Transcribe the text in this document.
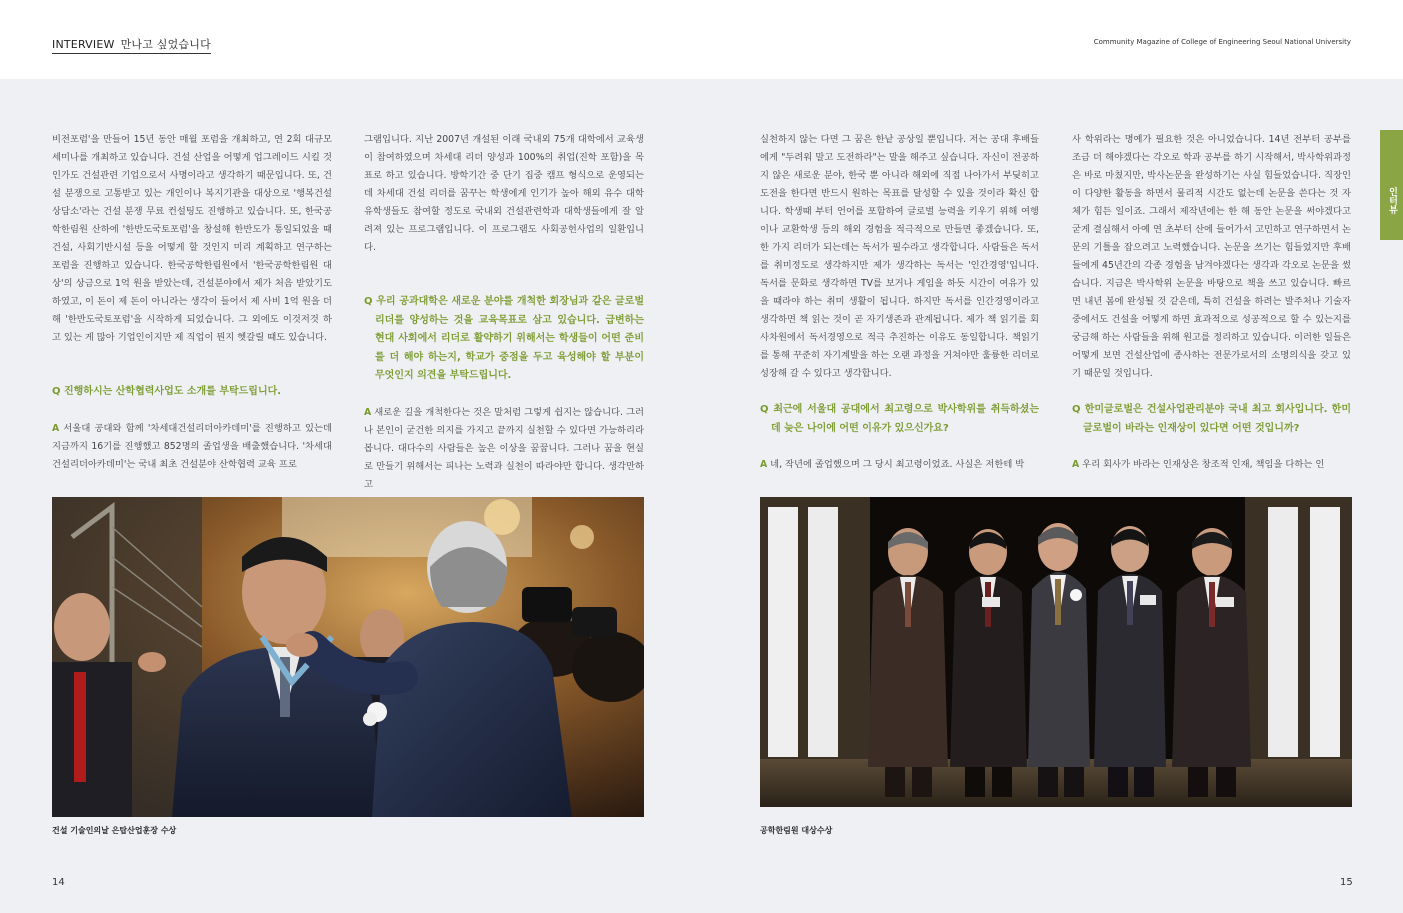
INTERVIEW 만나고 싶었습니다	Community Magazine of College of Engineering Seoul National University

비전포럼'을 만들어 15년 동안 매월 포럼을 개최하고, 연 2회 대규모 세미나를 개최하고 있습니다. 건설 산업을 어떻게 업그레이드 시킬 것인가도 건설관련 기업으로서 사명이라고 생각하기 때문입니다. 또, 건설 분쟁으로 고통받고 있는 개인이나 복지기관을 대상으로 '행복건설상담소'라는 건설 분쟁 무료 컨설팅도 진행하고 있습니다. 또, 한국공학한림원 산하에 '한반도국토포럼'을 창설해 한반도가 통일되었을 때 건설, 사회기반시설 등을 어떻게 할 것인지 미리 계획하고 연구하는 포럼을 진행하고 있습니다. 한국공학한림원에서 '한국공학한림원 대상'의 상금으로 1억 원을 받았는데, 건설분야에서 제가 처음 받았기도 하였고, 이 돈이 제 돈이 아니라는 생각이 들어서 제 사비 1억 원을 더해 '한반도국토포럼'을 시작하게 되었습니다. 그 외에도 이것저것 하고 있는 게 많아 기업인이지만 제 직업이 뭔지 헷갈릴 때도 있습니다.

Q 진행하시는 산학협력사업도 소개를 부탁드립니다.

A 서울대 공대와 함께 '차세대건설리더아카데미'를 진행하고 있는데 지금까지 16기를 진행했고 852명의 졸업생을 배출했습니다. '차세대건설리더아카데미'는 국내 최초 건설분야 산학협력 교육 프로

그램입니다. 지난 2007년 개설된 이래 국내외 75개 대학에서 교육생이 참여하였으며 차세대 리더 양성과 100%의 취업(진학 포함)을 목표로 하고 있습니다. 방학기간 중 단기 집중 캠프 형식으로 운영되는데 차세대 건설 리더를 꿈꾸는 학생에게 인기가 높아 해외 유수 대학 유학생들도 참여할 정도로 국내외 건설관련학과 대학생들에게 잘 알려져 있는 프로그램입니다. 이 프로그램도 사회공헌사업의 일환입니다.

Q 우리 공과대학은 새로운 분야를 개척한 회장님과 같은 글로벌 리더를 양성하는 것을 교육목표로 삼고 있습니다. 급변하는 현대 사회에서 리더로 활약하기 위해서는 학생들이 어떤 준비를 더 해야 하는지, 학교가 중점을 두고 육성해야 할 부분이 무엇인지 의견을 부탁드립니다.

A 새로운 길을 개척한다는 것은 말처럼 그렇게 쉽지는 않습니다. 그러나 본인이 굳건한 의지를 가지고 끝까지 실천할 수 있다면 가능하리라 봅니다. 대다수의 사람들은 높은 이상을 꿈꿉니다. 그러나 꿈을 현실로 만들기 위해서는 피나는 노력과 실천이 따라야만 합니다. 생각만하고

실천하지 않는 다면 그 꿈은 한낱 공상일 뿐입니다. 저는 공대 후배들에게 "두려워 말고 도전하라"는 말을 해주고 싶습니다. 자신이 전공하지 않은 새로운 분야, 한국 뿐 아니라 해외에 직접 나아가서 부딪히고 도전을 한다면 반드시 원하는 목표를 달성할 수 있을 것이라 확신 합니다. 학생때 부터 언어를 포함하여 글로벌 능력을 키우기 위해 여행이나 교환학생 등의 해외 경험을 적극적으로 만들면 좋겠습니다. 또, 한 가지 리더가 되는데는 독서가 필수라고 생각합니다. 사람들은 독서를 취미정도로 생각하지만 제가 생각하는 독서는 '인간경영'입니다. 독서를 문화로 생각하면 TV를 보거나 게임을 하듯 시간이 여유가 있을 때라야 하는 취미 생활이 됩니다. 하지만 독서를 인간경영이라고 생각하면 책 읽는 것이 곧 자기생존과 관계됩니다. 제가 책 읽기를 회사차원에서 독서경영으로 적극 추진하는 이유도 동일합니다. 책읽기를 통해 꾸준히 자기계발을 하는 오랜 과정을 거쳐야만 훌륭한 리더로 성장해 갈 수 있다고 생각합니다.

Q 최근에 서울대 공대에서 최고령으로 박사학위를 취득하셨는데 늦은 나이에 어떤 이유가 있으신가요?

A 네, 작년에 졸업했으며 그 당시 최고령이었죠. 사실은 저한테 박

사 학위라는 명예가 필요한 것은 아니었습니다. 14년 전부터 공부를 조금 더 해야겠다는 각오로 학과 공부를 하기 시작해서, 박사학위과정은 바로 마쳤지만, 박사논문을 완성하기는 사실 힘들었습니다. 직장인이 다양한 활동을 하면서 물리적 시간도 없는데 논문을 쓴다는 것 자체가 힘든 일이죠. 그래서 제작년에는 한 해 동안 논문을 써야겠다고 굳게 결심해서 아예 연 초부터 산에 들어가서 고민하고 연구하면서 논문의 기틀을 잡으려고 노력했습니다. 논문을 쓰기는 힘들었지만 후배들에게 45년간의 각종 경험을 남겨야겠다는 생각과 각오로 논문을 썼습니다. 지금은 박사학위 논문을 바탕으로 책을 쓰고 있습니다. 빠르면 내년 봄에 완성될 것 같은데, 특히 건설을 하려는 발주처나 기술자 중에서도 건설을 어떻게 하면 효과적으로 성공적으로 할 수 있는지를 궁금해 하는 사람들을 위해 원고를 정리하고 있습니다. 이러한 일들은 어떻게 보면 건설산업에 종사하는 전문가로서의 소명의식을 갖고 있기 때문일 것입니다.

Q 한미글로벌은 건설사업관리분야 국내 최고 회사입니다. 한미글로벌이 바라는 인재상이 있다면 어떤 것입니까?

A 우리 회사가 바라는 인재상은 창조적 인재, 책임을 다하는 인

인터뷰
건설 기술인의날 은탑산업훈장 수상	공학한림원 대상수상
14	15
